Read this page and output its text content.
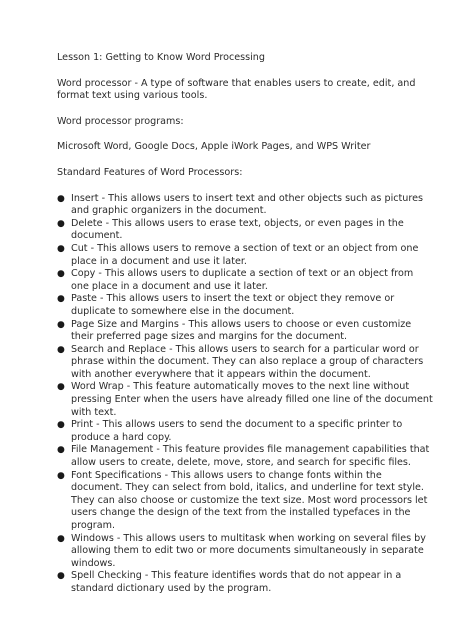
Lesson 1: Getting to Know Word Processing

Word processor - A type of software that enables users to create, edit, and format text using various tools.

Word processor programs:

Microsoft Word, Google Docs, Apple iWork Pages, and WPS Writer

Standard Features of Word Processors:

● Insert - This allows users to insert text and other objects such as pictures and graphic organizers in the document.
● Delete - This allows users to erase text, objects, or even pages in the document.
● Cut - This allows users to remove a section of text or an object from one place in a document and use it later.
● Copy - This allows users to duplicate a section of text or an object from one place in a document and use it later.
● Paste - This allows users to insert the text or object they remove or duplicate to somewhere else in the document.
● Page Size and Margins - This allows users to choose or even customize their preferred page sizes and margins for the document.
● Search and Replace - This allows users to search for a particular word or phrase within the document. They can also replace a group of characters with another everywhere that it appears within the document.
● Word Wrap - This feature automatically moves to the next line without pressing Enter when the users have already filled one line of the document with text.
● Print - This allows users to send the document to a specific printer to produce a hard copy.
● File Management - This feature provides file management capabilities that allow users to create, delete, move, store, and search for specific files.
● Font Specifications - This allows users to change fonts within the document. They can select from bold, italics, and underline for text style. They can also choose or customize the text size. Most word processors let users change the design of the text from the installed typefaces in the program.
● Windows - This allows users to multitask when working on several files by allowing them to edit two or more documents simultaneously in separate windows.
● Spell Checking - This feature identifies words that do not appear in a standard dictionary used by the program.
